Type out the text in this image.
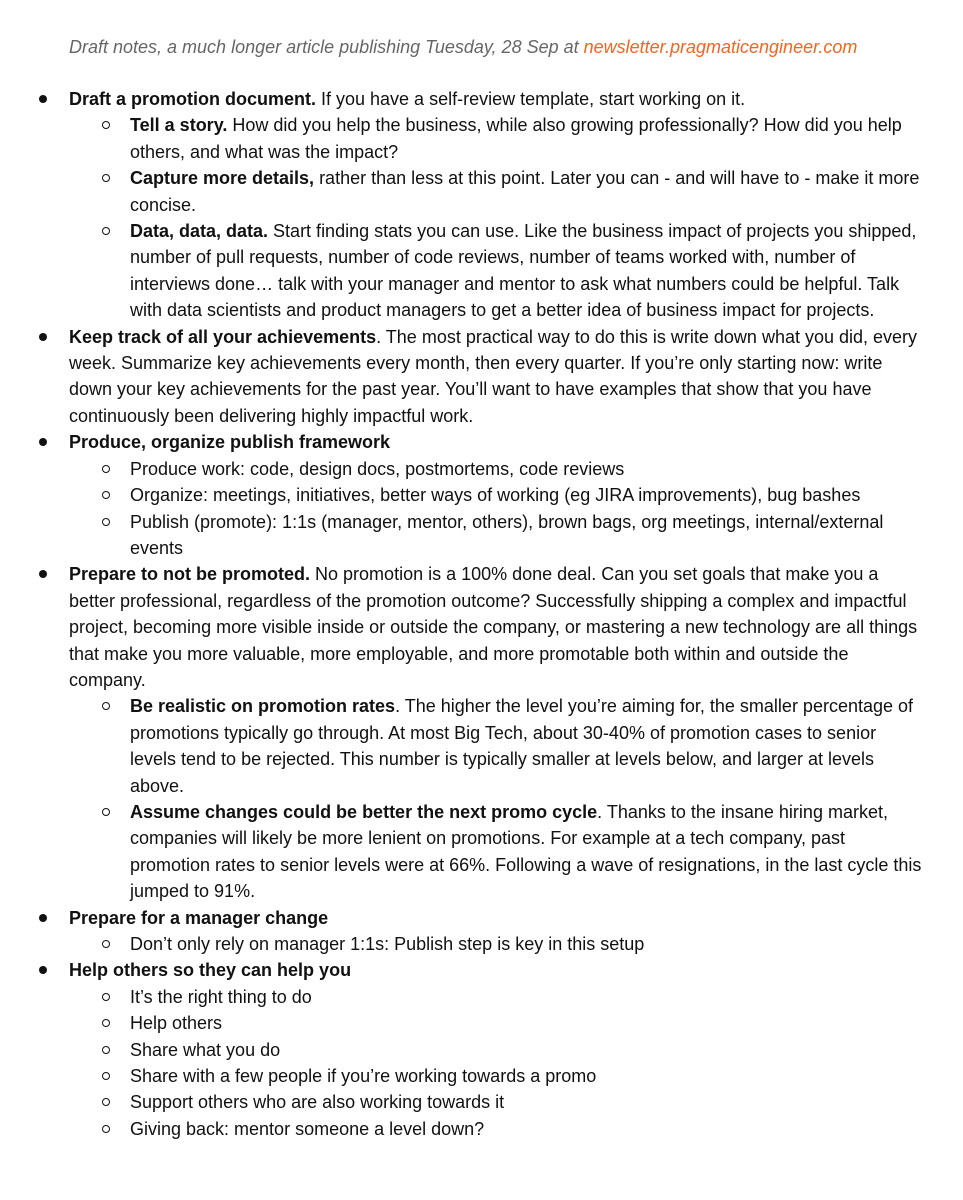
Draft notes, a much longer article publishing Tuesday, 28 Sep at newsletter.pragmaticengineer.com
Draft a promotion document. If you have a self-review template, start working on it.
Tell a story. How did you help the business, while also growing professionally? How did you help others, and what was the impact?
Capture more details, rather than less at this point. Later you can - and will have to - make it more concise.
Data, data, data. Start finding stats you can use. Like the business impact of projects you shipped, number of pull requests, number of code reviews, number of teams worked with, number of interviews done… talk with your manager and mentor to ask what numbers could be helpful. Talk with data scientists and product managers to get a better idea of business impact for projects.
Keep track of all your achievements. The most practical way to do this is write down what you did, every week. Summarize key achievements every month, then every quarter. If you’re only starting now: write down your key achievements for the past year. You’ll want to have examples that show that you have continuously been delivering highly impactful work.
Produce, organize publish framework
Produce work: code, design docs, postmortems, code reviews
Organize: meetings, initiatives, better ways of working (eg JIRA improvements), bug bashes
Publish (promote): 1:1s (manager, mentor, others), brown bags, org meetings, internal/external events
Prepare to not be promoted. No promotion is a 100% done deal. Can you set goals that make you a better professional, regardless of the promotion outcome? Successfully shipping a complex and impactful project, becoming more visible inside or outside the company, or mastering a new technology are all things that make you more valuable, more employable, and more promotable both within and outside the company.
Be realistic on promotion rates. The higher the level you’re aiming for, the smaller percentage of promotions typically go through. At most Big Tech, about 30-40% of promotion cases to senior levels tend to be rejected. This number is typically smaller at levels below, and larger at levels above.
Assume changes could be better the next promo cycle. Thanks to the insane hiring market, companies will likely be more lenient on promotions. For example at a tech company, past promotion rates to senior levels were at 66%. Following a wave of resignations, in the last cycle this jumped to 91%.
Prepare for a manager change
Don’t only rely on manager 1:1s: Publish step is key in this setup
Help others so they can help you
It’s the right thing to do
Help others
Share what you do
Share with a few people if you’re working towards a promo
Support others who are also working towards it
Giving back: mentor someone a level down?
